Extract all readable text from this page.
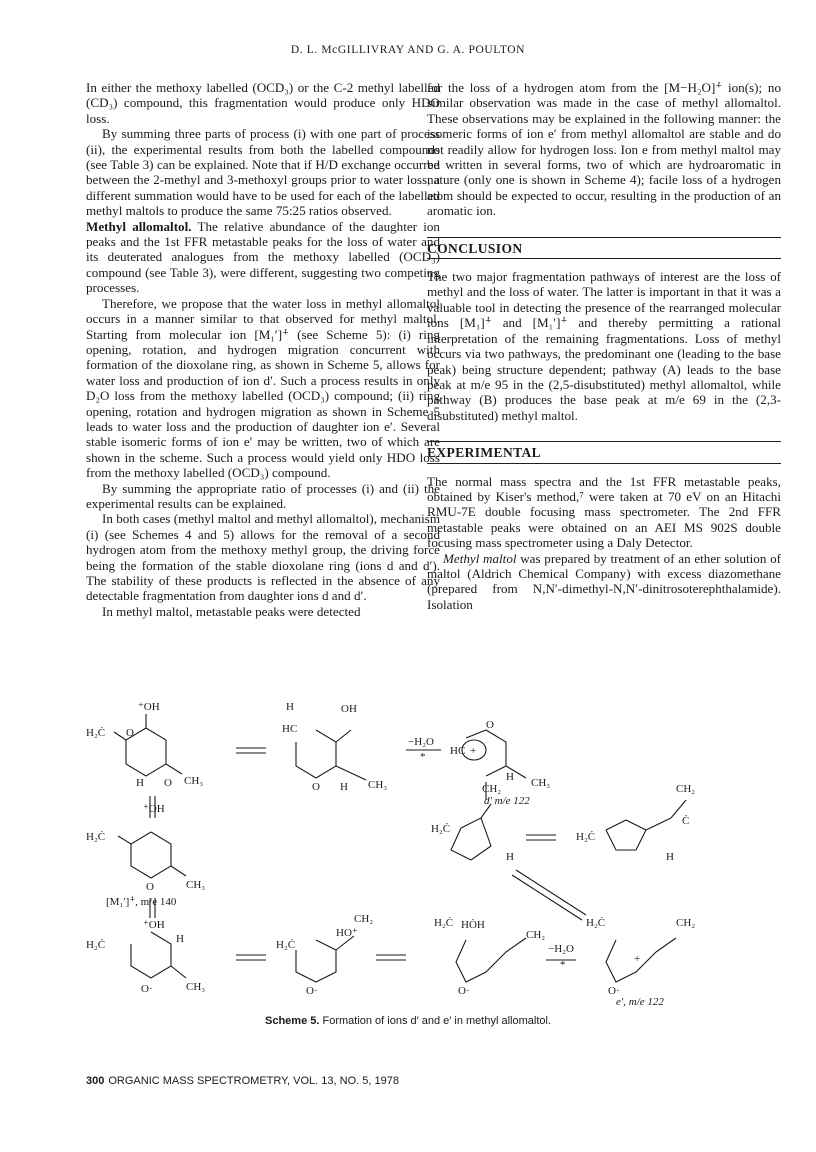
D. L. McGILLIVRAY AND G. A. POULTON

In either the methoxy labelled (OCD₃) or the C-2 methyl labelled (CD₃) compound, this fragmentation would produce only HDO loss.

By summing three parts of process (i) with one part of process (ii), the experimental results from both the labelled compounds (see Table 3) can be explained. Note that if H/D exchange occurred between the 2-methyl and 3-methoxyl groups prior to water loss, a different summation would have to be used for each of the labelled methyl maltols to produce the same 75:25 ratios observed.

Methyl allomaltol. The relative abundance of the daughter ion peaks and the 1st FFR metastable peaks for the loss of water and its deuterated analogues from the methoxy labelled (OCD₃) compound (see Table 3), were different, suggesting two competing processes.

Therefore, we propose that the water loss in methyl allomaltol occurs in a manner similar to that observed for methyl maltol. Starting from molecular ion [M₁′]⁺̇ (see Scheme 5): (i) ring opening, rotation, and hydrogen migration concurrent with formation of the dioxolane ring, as shown in Scheme 5, allows for water loss and production of ion d′. Such a process results in only D₂O loss from the methoxy labelled (OCD₃) compound; (ii) ring opening, rotation and hydrogen migration as shown in Scheme 5 leads to water loss and the production of daughter ion e′. Several stable isomeric forms of ion e′ may be written, two of which are shown in the scheme. Such a process would yield only HDO loss from the methoxy labelled (OCD₃) compound.

By summing the appropriate ratio of processes (i) and (ii) the experimental results can be explained.

In both cases (methyl maltol and methyl allomaltol), mechanism (i) (see Schemes 4 and 5) allows for the removal of a second hydrogen atom from the methoxy methyl group, the driving force being the formation of the stable dioxolane ring (ions d and d′). The stability of these products is reflected in the absence of any detectable fragmentation from daughter ions d and d′.

In methyl maltol, metastable peaks were detected

for the loss of a hydrogen atom from the [M−H₂O]⁺̇ ion(s); no similar observation was made in the case of methyl allomaltol. These observations may be explained in the following manner: the isomeric forms of ion e′ from methyl allomaltol are stable and do not readily allow for hydrogen loss. Ion e from methyl maltol may be written in several forms, two of which are hydroaromatic in nature (only one is shown in Scheme 4); facile loss of a hydrogen atom should be expected to occur, resulting in the production of an aromatic ion.

CONCLUSION

The two major fragmentation pathways of interest are the loss of methyl and the loss of water. The latter is important in that it was a valuable tool in detecting the presence of the rearranged molecular ions [M₁]⁺̇ and [M₁′]⁺̇ and thereby permitting a rational interpretation of the remaining fragmentations. Loss of methyl occurs via two pathways, the predominant one (leading to the base peak) being structure dependent; pathway (A) leads to the base peak at m/e 95 in the (2,5-disubstituted) methyl allomaltol, while pathway (B) produces the base peak at m/e 69 in the (2,3-disubstituted) methyl maltol.

EXPERIMENTAL

The normal mass spectra and the 1st FFR metastable peaks, obtained by Kiser's method,⁷ were taken at 70 eV on an Hitachi RMU-7E double focusing mass spectrometer. The 2nd FFR metastable peaks were obtained on an AEI MS 902S double focusing mass spectrometer using a Daly Detector.

Methyl maltol was prepared by treatment of an ether solution of maltol (Aldrich Chemical Company) with excess diazomethane (prepared from N,N′-dimethyl-N,N′-dinitrosoterephthalamide). Isolation

⁺OH
H₂Ċ O
H O CH₃
H	OH
HC
O H CH₃
−H₂O
* HC +
O
H CH₃
d′ m/e 122
⁺OH
H₂Ċ
O	CH₃
[M₁′]⁺̇, m/e 140
CH₂
H₂Ċ
H
H₂Ċ
CH₂
Ċ
H
⁺OH
H₂Ċ	H
O·	CH₃
H₂Ċ
HO⁺
CH₂
O·
H₂Ċ HȮH
CH₂
O·
−H₂O
*
H₂Ċ
+
CH₂
O·
e′, m/e 122
Scheme 5. Formation of ions d′ and e′ in methyl allomaltol.
300 ORGANIC MASS SPECTROMETRY, VOL. 13, NO. 5, 1978
